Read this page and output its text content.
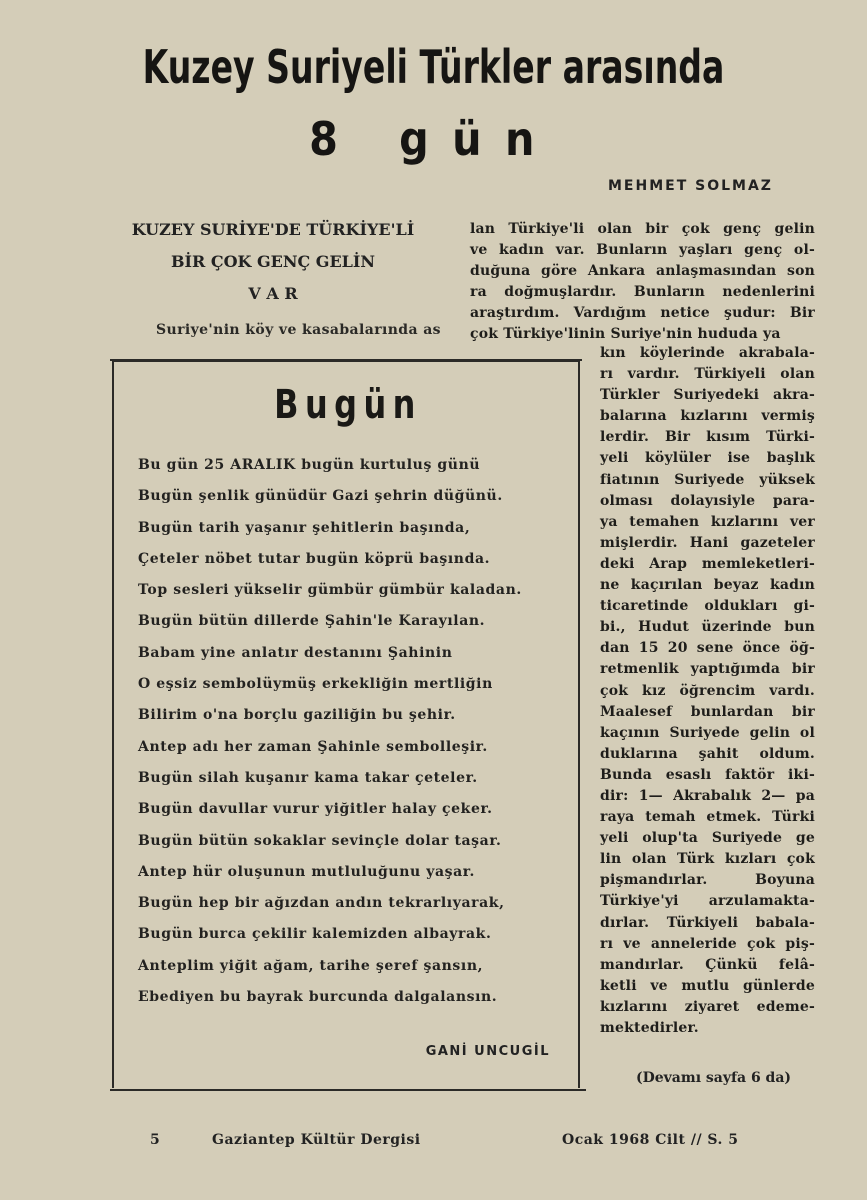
Kuzey Suriyeli Türkler arasında
8 gün
MEHMET SOLMAZ
KUZEY SURİYE'DE TÜRKİYE'Lİ
BİR ÇOK GENÇ GELİN
V A R
Suriye'nin köy ve kasabalarında as
lan Türkiye'li olan bir çok genç gelin
ve kadın var. Bunların yaşları genç ol-
duğuna göre Ankara anlaşmasından son
ra doğmuşlardır. Bunların nedenlerini
araştırdım. Vardığım netice şudur: Bir
çok Türkiye'linin Suriye'nin hududa ya
kın köylerinde akrabala-
rı vardır. Türkiyeli olan
Türkler Suriyedeki akra-
balarına kızlarını vermiş
lerdir. Bir kısım Türki-
yeli köylüler ise başlık
fiatının Suriyede yüksek
olması dolayısiyle para-
ya temahen kızlarını ver
mişlerdir. Hani gazeteler
deki Arap memleketleri-
ne kaçırılan beyaz kadın
ticaretinde oldukları gi-
bi., Hudut üzerinde bun
dan 15 20 sene önce öğ-
retmenlik yaptığımda bir
çok kız öğrencim vardı.
Maalesef bunlardan bir
kaçının Suriyede gelin ol
duklarına şahit oldum.
Bunda esaslı faktör iki-
dir: 1— Akrabalık 2— pa
raya temah etmek. Türki
yeli olup'ta Suriyede ge
lin olan Türk kızları çok
pişmandırlar. Boyuna
Türkiye'yi arzulamakta-
dırlar. Türkiyeli babala-
rı ve anneleride çok piş-
mandırlar. Çünkü felâ-
ketli ve mutlu günlerde
kızlarını ziyaret edeme-
mektedirler.
Bugün
Bu gün 25 ARALIK bugün kurtuluş günü
Bugün şenlik günüdür Gazi şehrin düğünü.
Bugün tarih yaşanır şehitlerin başında,
Çeteler nöbet tutar bugün köprü başında.
Top sesleri yükselir gümbür gümbür kaladan.
Bugün bütün dillerde Şahin'le Karayılan.
Babam yine anlatır destanını Şahinin
O eşsiz sembolüymüş erkekliğin mertliğin
Bilirim o'na borçlu gaziliğin bu şehir.
Antep adı her zaman Şahinle sembolleşir.
Bugün silah kuşanır kama takar çeteler.
Bugün davullar vurur yiğitler halay çeker.
Bugün bütün sokaklar sevinçle dolar taşar.
Antep hür oluşunun mutluluğunu yaşar.
Bugün hep bir ağızdan andın tekrarlıyarak,
Bugün burca çekilir kalemizden albayrak.
Anteplim yiğit ağam, tarihe şeref şansın,
Ebediyen bu bayrak burcunda dalgalansın.
GANİ UNCUGİL
(Devamı sayfa 6 da)
5	Gaziantep Kültür Dergisi	Ocak 1968 Cilt // S. 5
